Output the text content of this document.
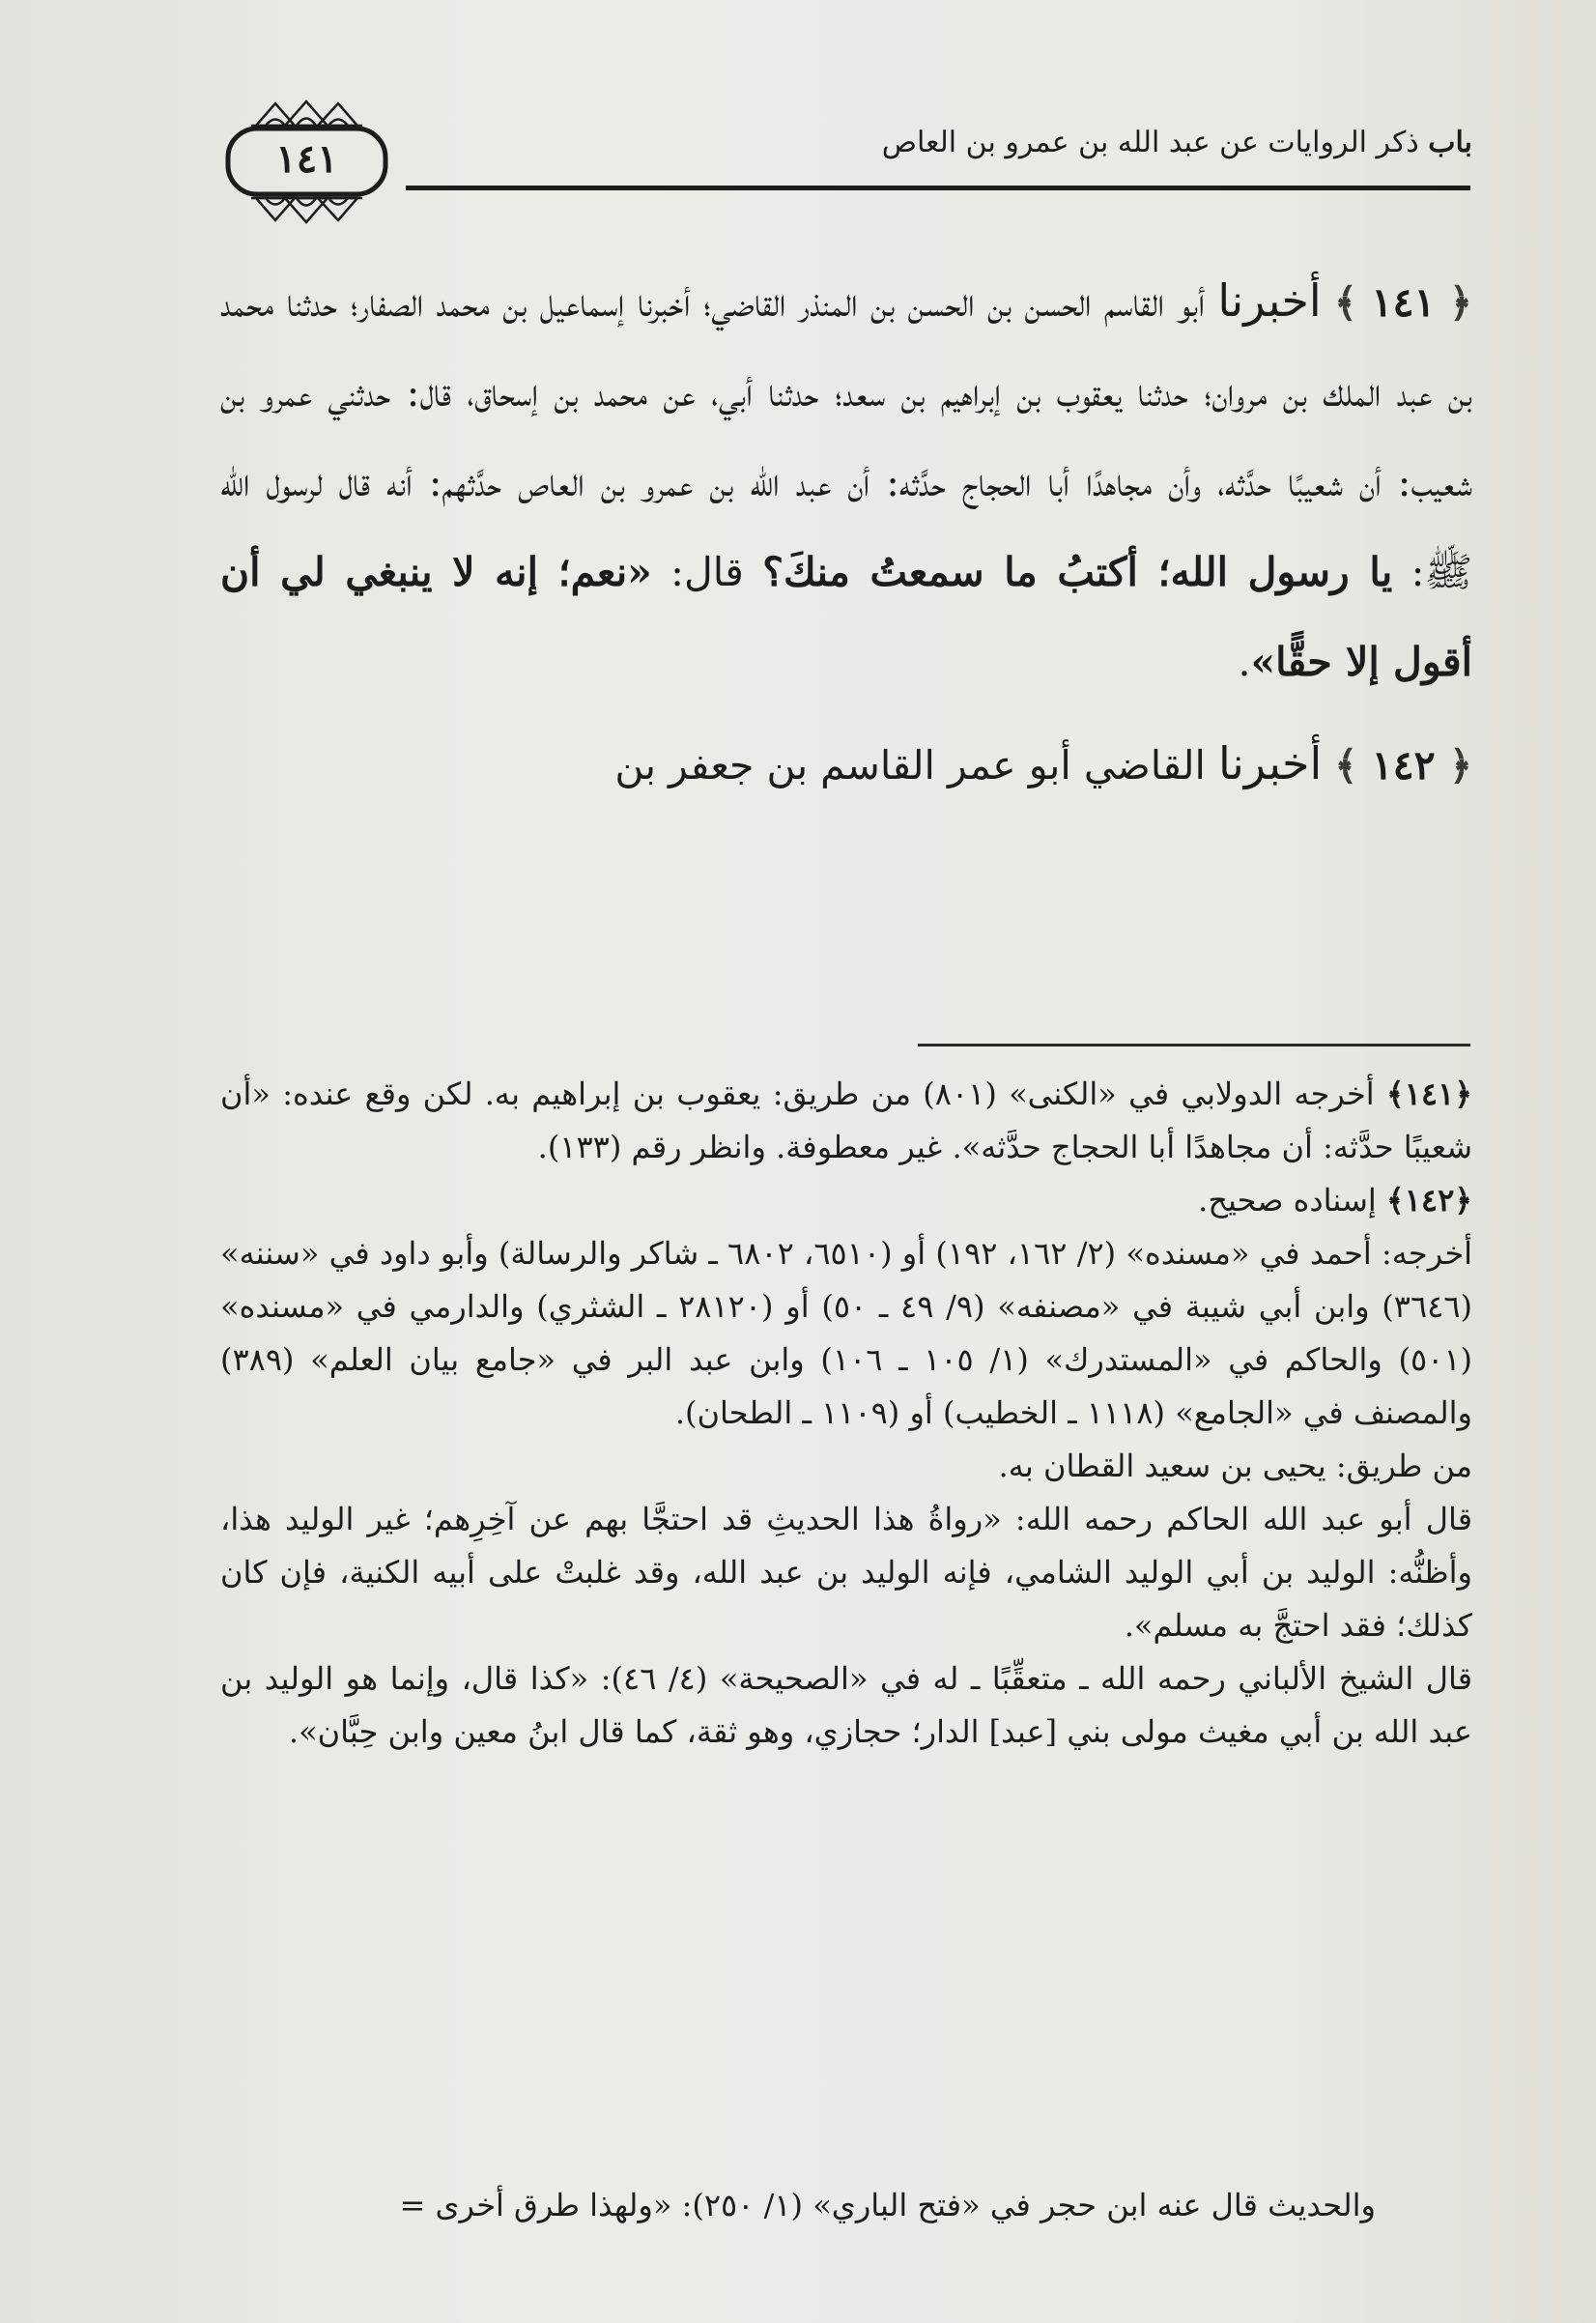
باب ذكر الروايات عن عبد الله بن عمرو بن العاص
١٤١

﴿ ١٤١ ﴾ أخبرنا أبو القاسم الحسن بن الحسن بن المنذر القاضي؛ أخبرنا إسماعيل بن محمد الصفار؛ حدثنا محمد بن عبد الملك بن مروان؛ حدثنا يعقوب بن إبراهيم بن سعد؛ حدثنا أبي، عن محمد بن إسحاق، قال: حدثني عمرو بن شعيب: أن شعيبًا حدَّثه، وأن مجاهدًا أبا الحجاج حدَّثه: أن عبد الله بن عمرو بن العاص حدَّثهم: أنه قال لرسول الله ﷺ: يا رسول الله؛ أكتبُ ما سمعتُ منكَ؟ قال: «نعم؛ إنه لا ينبغي لي أن أقول إلا حقًّا».

﴿ ١٤٢ ﴾ أخبرنا القاضي أبو عمر القاسم بن جعفر بن

﴿١٤١﴾ أخرجه الدولابي في «الكنى» (٨٠١) من طريق: يعقوب بن إبراهيم به. لكن وقع عنده: «أن شعيبًا حدَّثه: أن مجاهدًا أبا الحجاج حدَّثه». غير معطوفة. وانظر رقم (١٣٣).

﴿١٤٢﴾ إسناده صحيح.

أخرجه: أحمد في «مسنده» (٢/ ١٦٢، ١٩٢) أو (٦٥١٠، ٦٨٠٢ ـ شاكر والرسالة) وأبو داود في «سننه» (٣٦٤٦) وابن أبي شيبة في «مصنفه» (٩/ ٤٩ ـ ٥٠) أو (٢٨١٢٠ ـ الشثري) والدارمي في «مسنده» (٥٠١) والحاكم في «المستدرك» (١/ ١٠٥ ـ ١٠٦) وابن عبد البر في «جامع بيان العلم» (٣٨٩) والمصنف في «الجامع» (١١١٨ ـ الخطيب) أو (١١٠٩ ـ الطحان).

من طريق: يحيى بن سعيد القطان به.

قال أبو عبد الله الحاكم رحمه الله: «رواةُ هذا الحديثِ قد احتجَّا بهم عن آخِرِهم؛ غير الوليد هذا، وأظنُّه: الوليد بن أبي الوليد الشامي، فإنه الوليد بن عبد الله، وقد غلبتْ على أبيه الكنية، فإن كان كذلك؛ فقد احتجَّ به مسلم».

قال الشيخ الألباني رحمه الله ـ متعقِّبًا ـ له في «الصحيحة» (٤/ ٤٦): «كذا قال، وإنما هو الوليد بن عبد الله بن أبي مغيث مولى بني [عبد] الدار؛ حجازي، وهو ثقة، كما قال ابنُ معين وابن حِبَّان».

والحديث قال عنه ابن حجر في «فتح الباري» (١/ ٢٥٠): «ولهذا طرق أخرى =
